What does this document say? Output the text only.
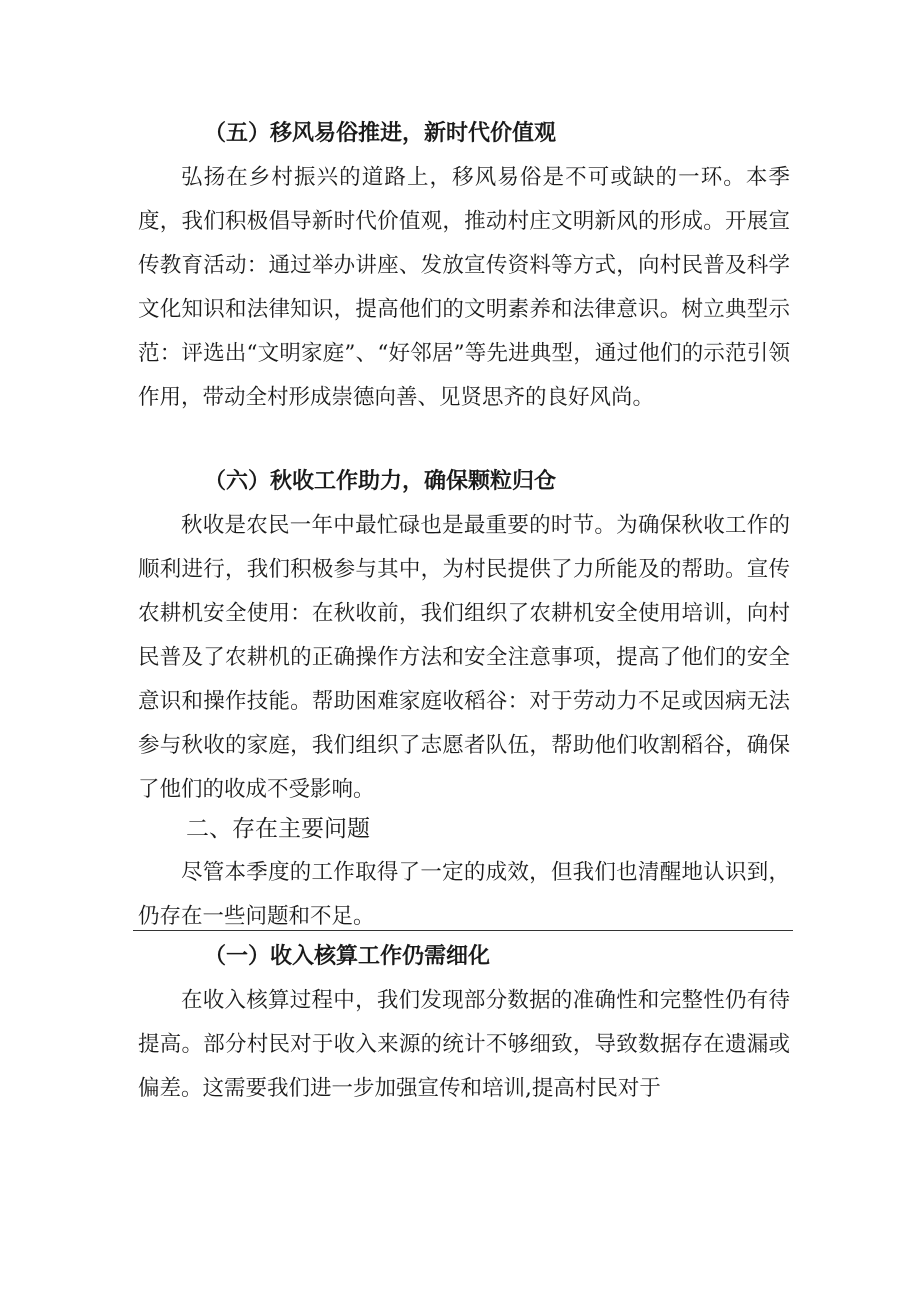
（五）移风易俗推进，新时代价值观
弘扬在乡村振兴的道路上，移风易俗是不可或缺的一环。本季度，我们积极倡导新时代价值观，推动村庄文明新风的形成。开展宣传教育活动：通过举办讲座、发放宣传资料等方式，向村民普及科学文化知识和法律知识，提高他们的文明素养和法律意识。树立典型示范：评选出“文明家庭”、“好邻居”等先进典型，通过他们的示范引领作用，带动全村形成崇德向善、见贤思齐的良好风尚。
（六）秋收工作助力，确保颗粒归仓
秋收是农民一年中最忙碌也是最重要的时节。为确保秋收工作的顺利进行，我们积极参与其中，为村民提供了力所能及的帮助。宣传农耕机安全使用：在秋收前，我们组织了农耕机安全使用培训，向村民普及了农耕机的正确操作方法和安全注意事项，提高了他们的安全意识和操作技能。帮助困难家庭收稻谷：对于劳动力不足或因病无法参与秋收的家庭，我们组织了志愿者队伍，帮助他们收割稻谷，确保了他们的收成不受影响。
二、存在主要问题
尽管本季度的工作取得了一定的成效，但我们也清醒地认识到，仍存在一些问题和不足。
（一）收入核算工作仍需细化
在收入核算过程中，我们发现部分数据的准确性和完整性仍有待提高。部分村民对于收入来源的统计不够细致，导致数据存在遗漏或偏差。这需要我们进一步加强宣传和培训,提高村民对于
